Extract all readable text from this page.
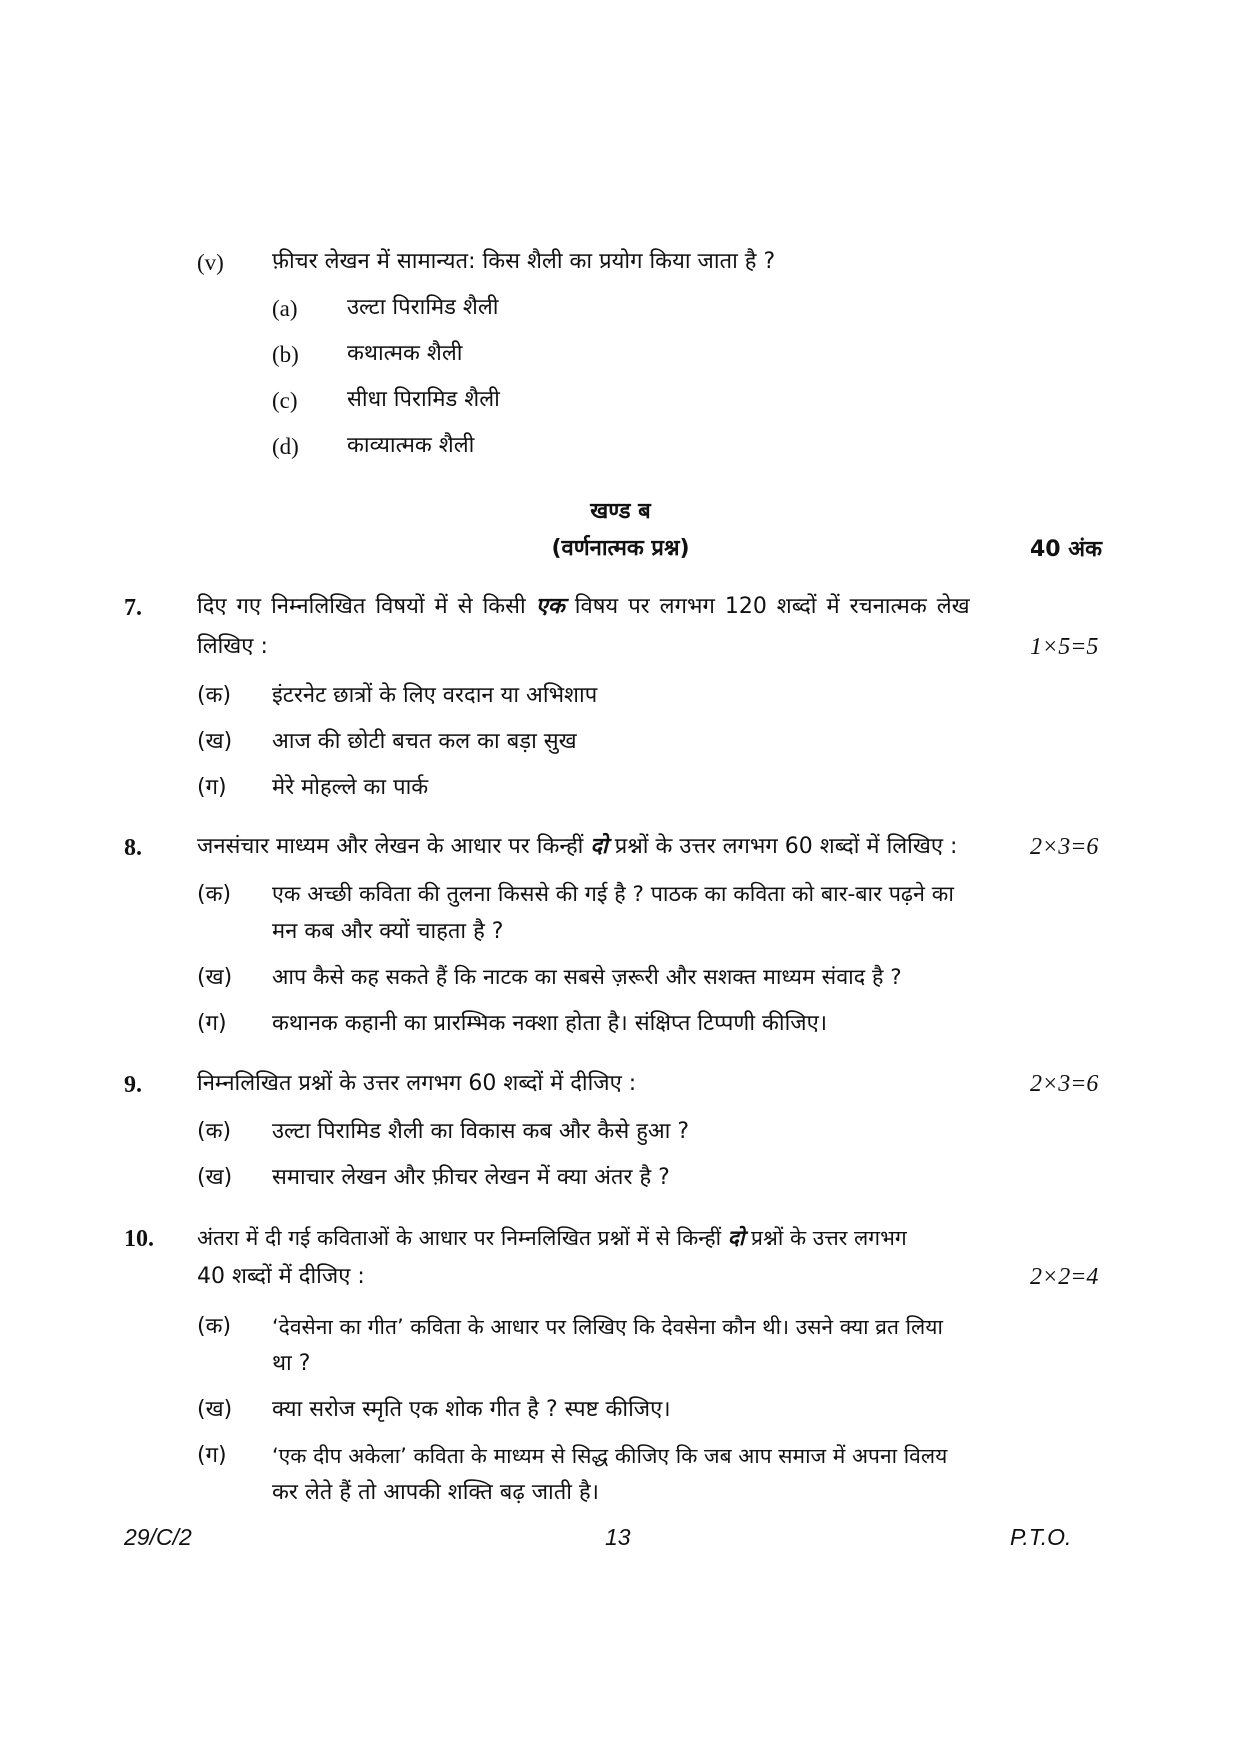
(v) फ़ीचर लेखन में सामान्यत: किस शैली का प्रयोग किया जाता है ?
(a) उल्टा पिरामिड शैली
(b) कथात्मक शैली
(c) सीधा पिरामिड शैली
(d) काव्यात्मक शैली
खण्ड ब
(वर्णनात्मक प्रश्न)	40 अंक
7.	दिए गए निम्नलिखित विषयों में से किसी एक विषय पर लगभग 120 शब्दों में रचनात्मक लेख
लिखिए :	1×5=5
(क) इंटरनेट छात्रों के लिए वरदान या अभिशाप
(ख) आज की छोटी बचत कल का बड़ा सुख
(ग) मेरे मोहल्ले का पार्क
8.	जनसंचार माध्यम और लेखन के आधार पर किन्हीं दो प्रश्नों के उत्तर लगभग 60 शब्दों में लिखिए :	2×3=6
(क) एक अच्छी कविता की तुलना किससे की गई है ? पाठक का कविता को बार-बार पढ़ने का
मन कब और क्यों चाहता है ?
(ख) आप कैसे कह सकते हैं कि नाटक का सबसे ज़रूरी और सशक्त माध्यम संवाद है ?
(ग) कथानक कहानी का प्रारम्भिक नक्शा होता है। संक्षिप्त टिप्पणी कीजिए।
9.	निम्नलिखित प्रश्नों के उत्तर लगभग 60 शब्दों में दीजिए :	2×3=6
(क) उल्टा पिरामिड शैली का विकास कब और कैसे हुआ ?
(ख) समाचार लेखन और फ़ीचर लेखन में क्या अंतर है ?
10. अंतरा में दी गई कविताओं के आधार पर निम्नलिखित प्रश्नों में से किन्हीं दो प्रश्नों के उत्तर लगभग
40 शब्दों में दीजिए :	2×2=4
(क) ‘देवसेना का गीत’ कविता के आधार पर लिखिए कि देवसेना कौन थी। उसने क्या व्रत लिया
था ?
(ख) क्या सरोज स्मृति एक शोक गीत है ? स्पष्ट कीजिए।
(ग) ‘एक दीप अकेला’ कविता के माध्यम से सिद्ध कीजिए कि जब आप समाज में अपना विलय
कर लेते हैं तो आपकी शक्ति बढ़ जाती है।
29/C/2	13	P.T.O.
